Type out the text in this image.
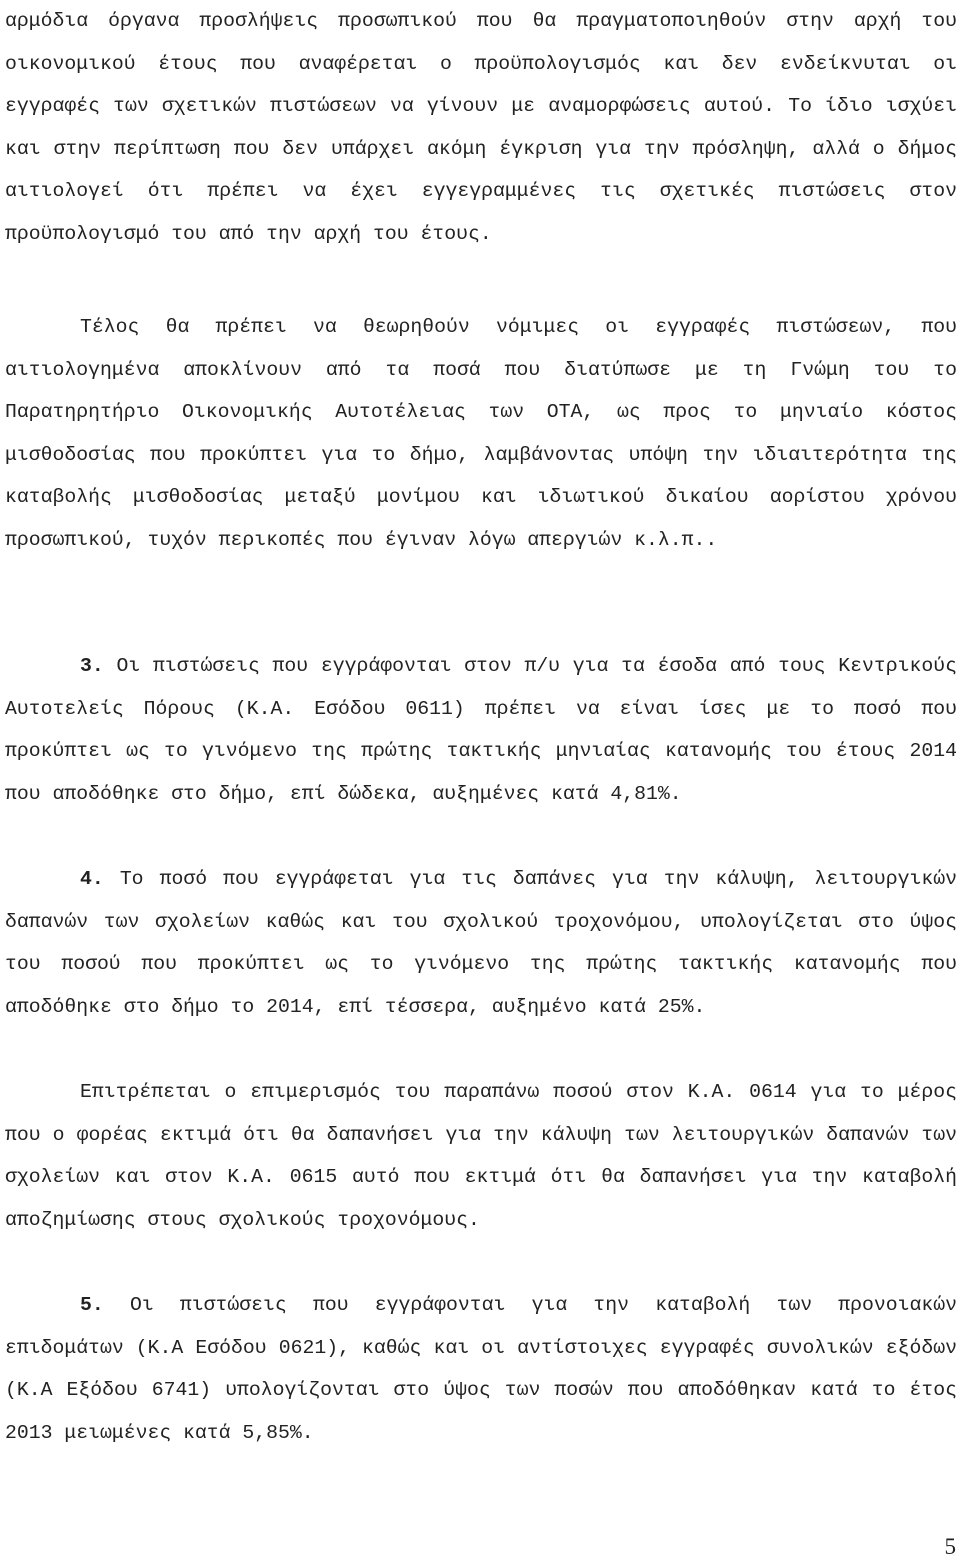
αρμόδια όργανα προσλήψεις προσωπικού που θα πραγματοποιηθούν στην αρχή του οικονομικού έτους που αναφέρεται ο προϋπολογισμός και δεν ενδείκνυται οι εγγραφές των σχετικών πιστώσεων να γίνουν με αναμορφώσεις αυτού. Το ίδιο ισχύει και στην περίπτωση που δεν υπάρχει ακόμη έγκριση για την πρόσληψη, αλλά ο δήμος αιτιολογεί ότι πρέπει να έχει εγγεγραμμένες τις σχετικές πιστώσεις στον προϋπολογισμό του από την αρχή του έτους.
Τέλος θα πρέπει να θεωρηθούν νόμιμες οι εγγραφές πιστώσεων, που αιτιολογημένα αποκλίνουν από τα ποσά που διατύπωσε με τη Γνώμη του το Παρατηρητήριο Οικονομικής Αυτοτέλειας των ΟΤΑ, ως προς το μηνιαίο κόστος μισθοδοσίας που προκύπτει για το δήμο, λαμβάνοντας υπόψη την ιδιαιτερότητα της καταβολής μισθοδοσίας μεταξύ μονίμου και ιδιωτικού δικαίου αορίστου χρόνου προσωπικού, τυχόν περικοπές που έγιναν λόγω απεργιών κ.λ.π..
3. Οι πιστώσεις που εγγράφονται στον π/υ για τα έσοδα από τους Κεντρικούς Αυτοτελείς Πόρους (Κ.Α. Εσόδου 0611) πρέπει να είναι ίσες με το ποσό που προκύπτει ως το γινόμενο της πρώτης τακτικής μηνιαίας κατανομής του έτους 2014 που αποδόθηκε στο δήμο, επί δώδεκα, αυξημένες κατά 4,81%.
4. Το ποσό που εγγράφεται για τις δαπάνες για την κάλυψη, λειτουργικών δαπανών των σχολείων καθώς και του σχολικού τροχονόμου, υπολογίζεται στο ύψος του ποσού που προκύπτει ως το γινόμενο της πρώτης τακτικής κατανομής που αποδόθηκε στο δήμο το 2014, επί τέσσερα, αυξημένο κατά 25%.
Επιτρέπεται ο επιμερισμός του παραπάνω ποσού στον Κ.Α. 0614 για το μέρος που ο φορέας εκτιμά ότι θα δαπανήσει για την κάλυψη των λειτουργικών δαπανών των σχολείων και στον Κ.Α. 0615 αυτό που εκτιμά ότι θα δαπανήσει για την καταβολή αποζημίωσης στους σχολικούς τροχονόμους.
5. Οι πιστώσεις που εγγράφονται για την καταβολή των προνοιακών επιδομάτων (Κ.Α Εσόδου 0621), καθώς και οι αντίστοιχες εγγραφές συνολικών εξόδων (Κ.Α Εξόδου 6741) υπολογίζονται στο ύψος των ποσών που αποδόθηκαν κατά το έτος 2013 μειωμένες κατά 5,85%.
5
